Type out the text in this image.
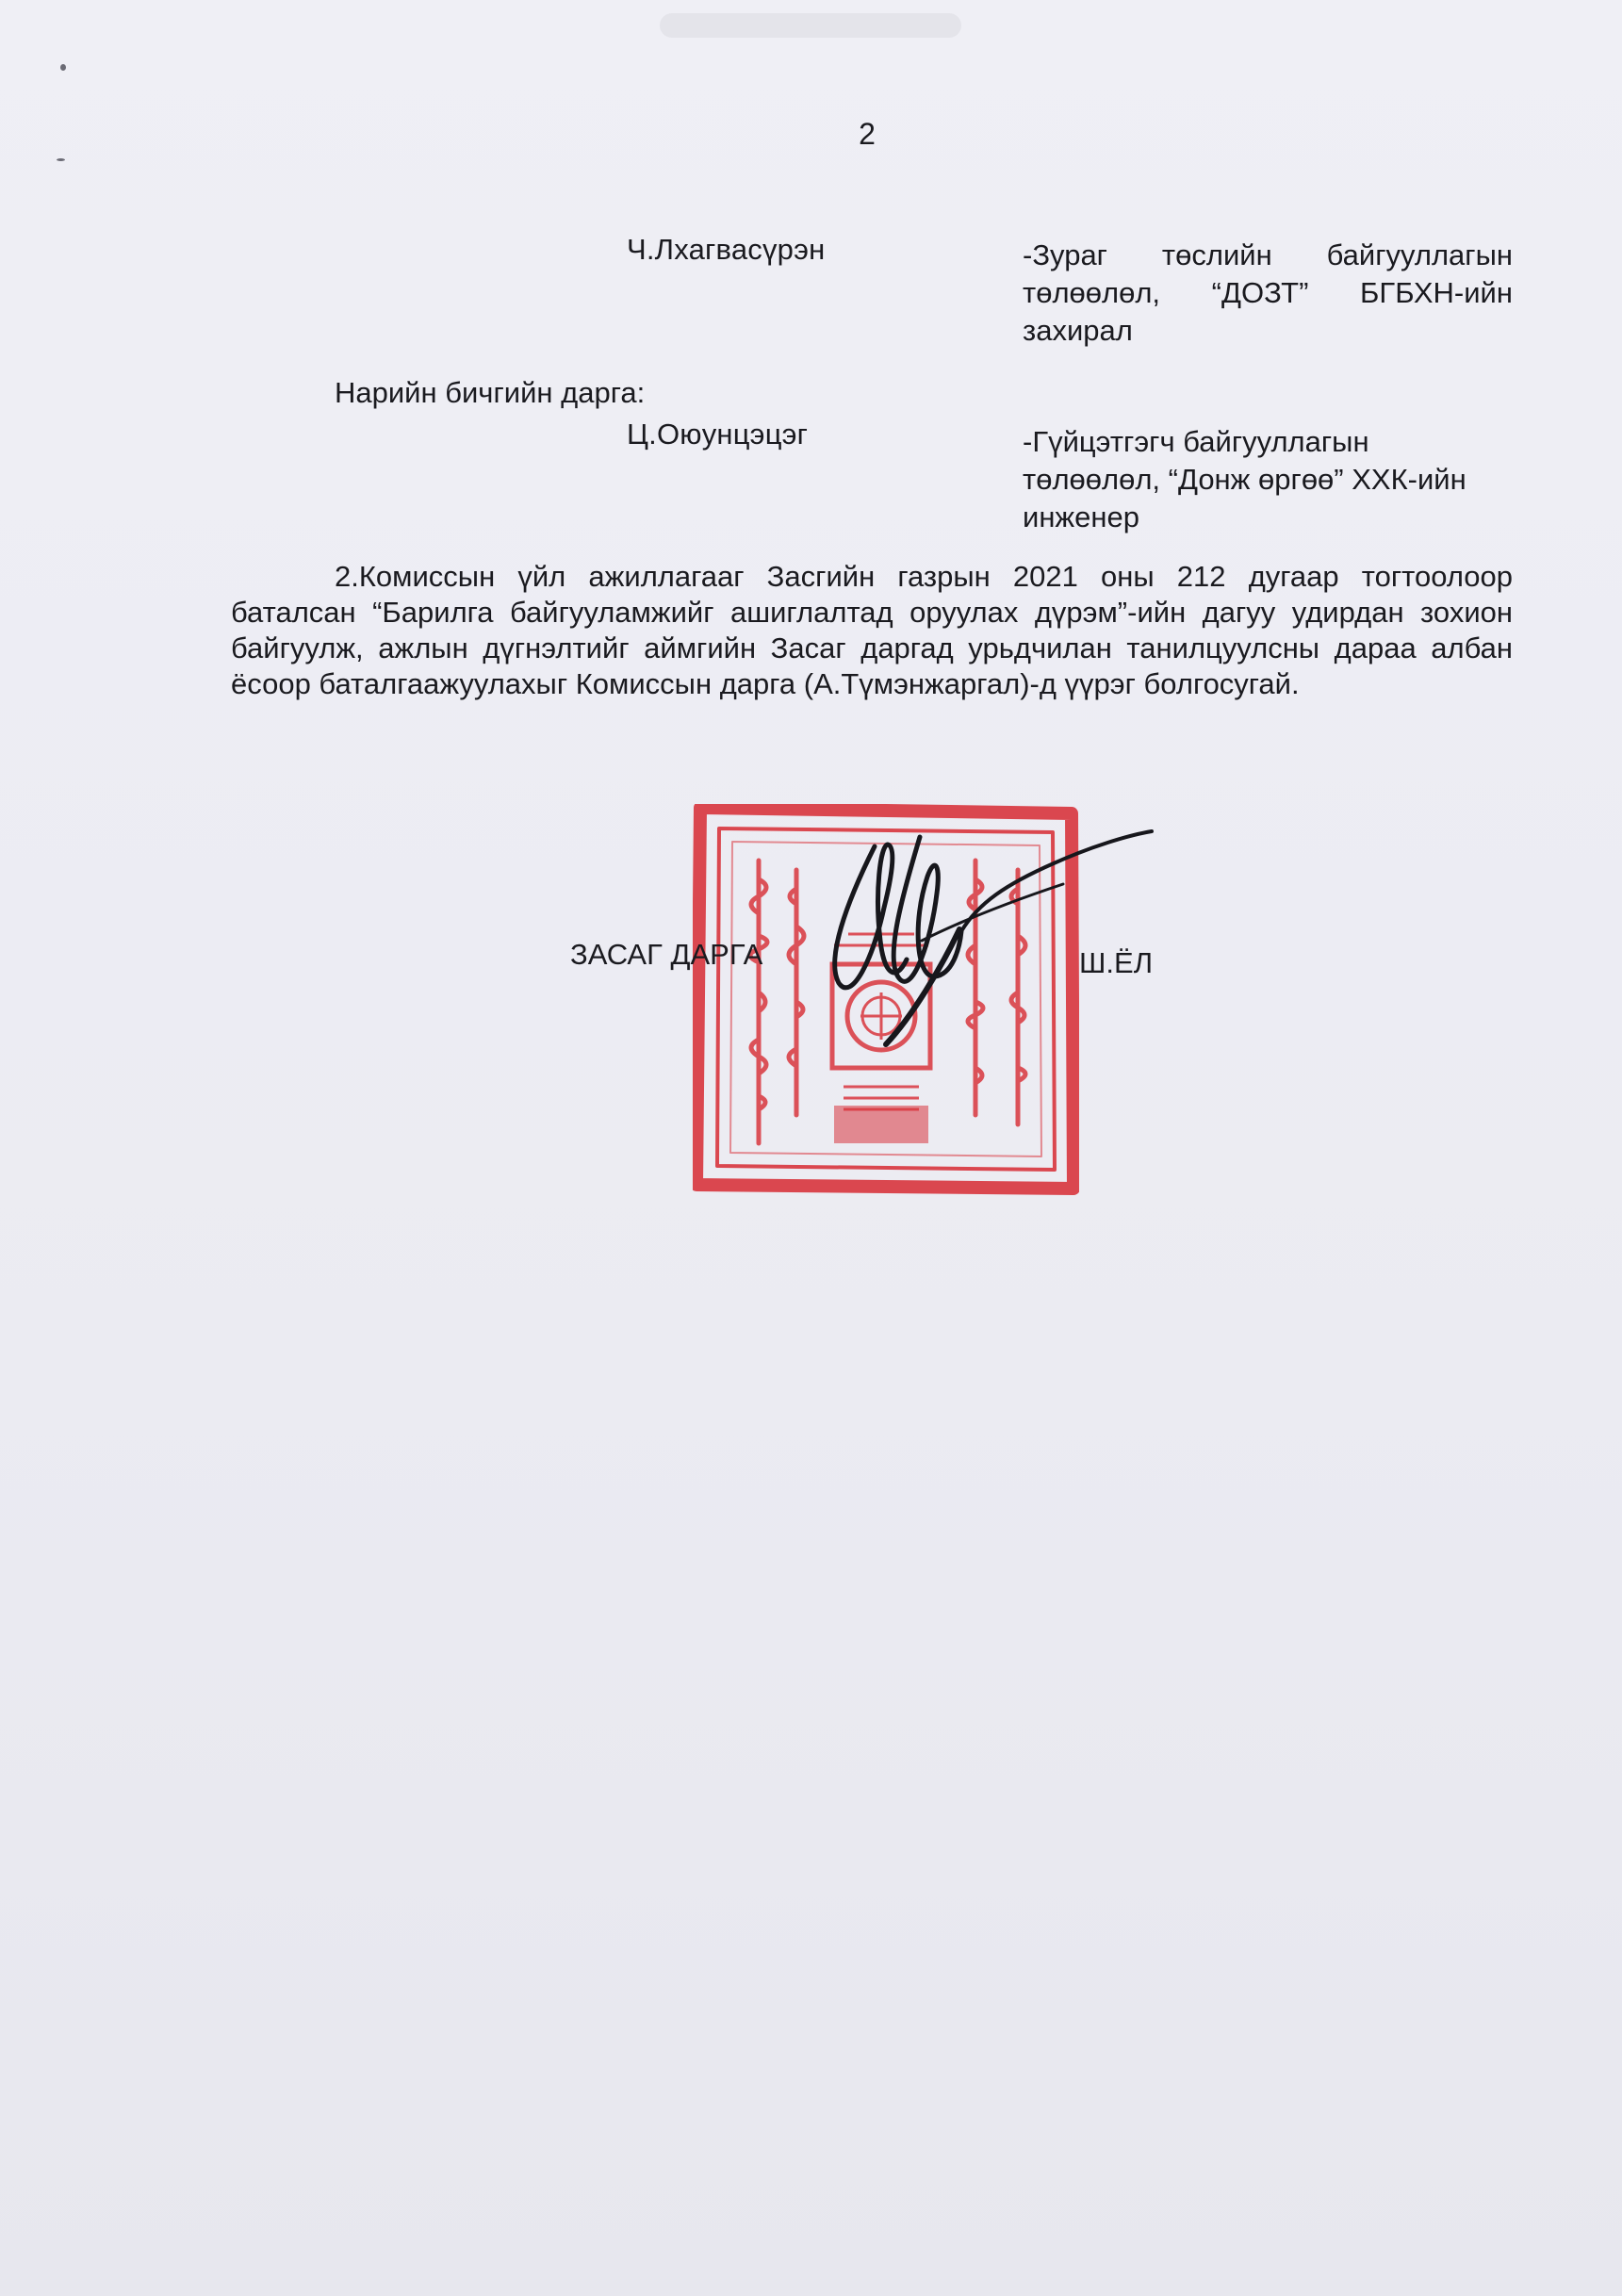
2
Ч.Лхагвасүрэн	-Зураг төслийн байгууллагын
төлөөлөл, “ДОЗТ” БГБХН-ийн
захирал
Нарийн бичгийн дарга:
Ц.Оюунцэцэг	-Гүйцэтгэгч байгууллагын
төлөөлөл, “Донж өргөө” ХХК-ийн
инженер
2.Комиссын үйл ажиллагааг Засгийн газрын 2021 оны 212 дугаар тогтоолоор баталсан “Барилга байгууламжийг ашиглалтад оруулах дүрэм”-ийн дагуу удирдан зохион байгуулж, ажлын дүгнэлтийг аймгийн Засаг даргад урьдчилан танилцуулсны дараа албан ёсоор баталгаажуулахыг Комиссын дарга (А.Түмэнжаргал)-д үүрэг болгосугай.
ЗАСАГ ДАРГА	Ш.ЁЛ
